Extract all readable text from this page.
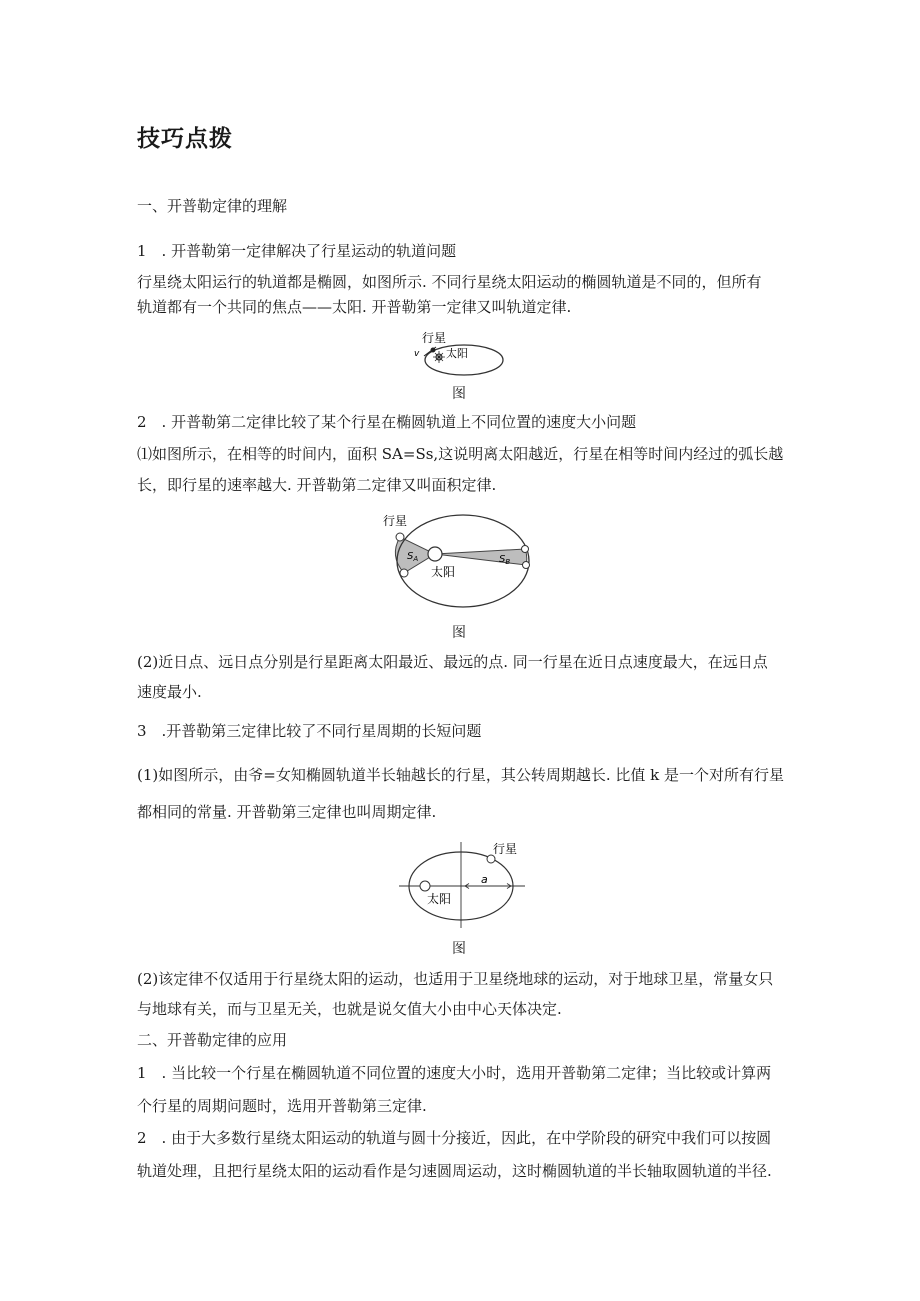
技巧点拨
一、开普勒定律的理解
1　. 开普勒第一定律解决了行星运动的轨道问题
行星绕太阳运行的轨道都是椭圆，如图所示. 不同行星绕太阳运动的椭圆轨道是不同的，但所有
轨道都有一个共同的焦点——太阳. 开普勒第一定律又叫轨道定律.
v
行星
太阳
图
2　. 开普勒第二定律比较了某个行星在椭圆轨道上不同位置的速度大小问题
⑴如图所示，在相等的时间内，面积 SA=Ss,这说明离太阳越近，行星在相等时间内经过的弧长越
长，即行星的速率越大. 开普勒第二定律又叫面积定律.
行星
$S_A$	$S_B$
太阳
图
(2)近日点、远日点分别是行星距离太阳最近、最远的点. 同一行星在近日点速度最大，在远日点
速度最小.
3　.开普勒第三定律比较了不同行星周期的长短问题
(1)如图所示，由爷=女知椭圆轨道半长轴越长的行星，其公转周期越长. 比值 k 是一个对所有行星
都相同的常量. 开普勒第三定律也叫周期定律.
行星
太阳
a
图
(2)该定律不仅适用于行星绕太阳的运动，也适用于卫星绕地球的运动，对于地球卫星，常量女只
与地球有关，而与卫星无关，也就是说攵值大小由中心天体决定.
二、开普勒定律的应用
1　. 当比较一个行星在椭圆轨道不同位置的速度大小时，选用开普勒第二定律；当比较或计算两
个行星的周期问题时，选用开普勒第三定律.
2　. 由于大多数行星绕太阳运动的轨道与圆十分接近，因此，在中学阶段的研究中我们可以按圆
轨道处理，且把行星绕太阳的运动看作是匀速圆周运动，这时椭圆轨道的半长轴取圆轨道的半径.
